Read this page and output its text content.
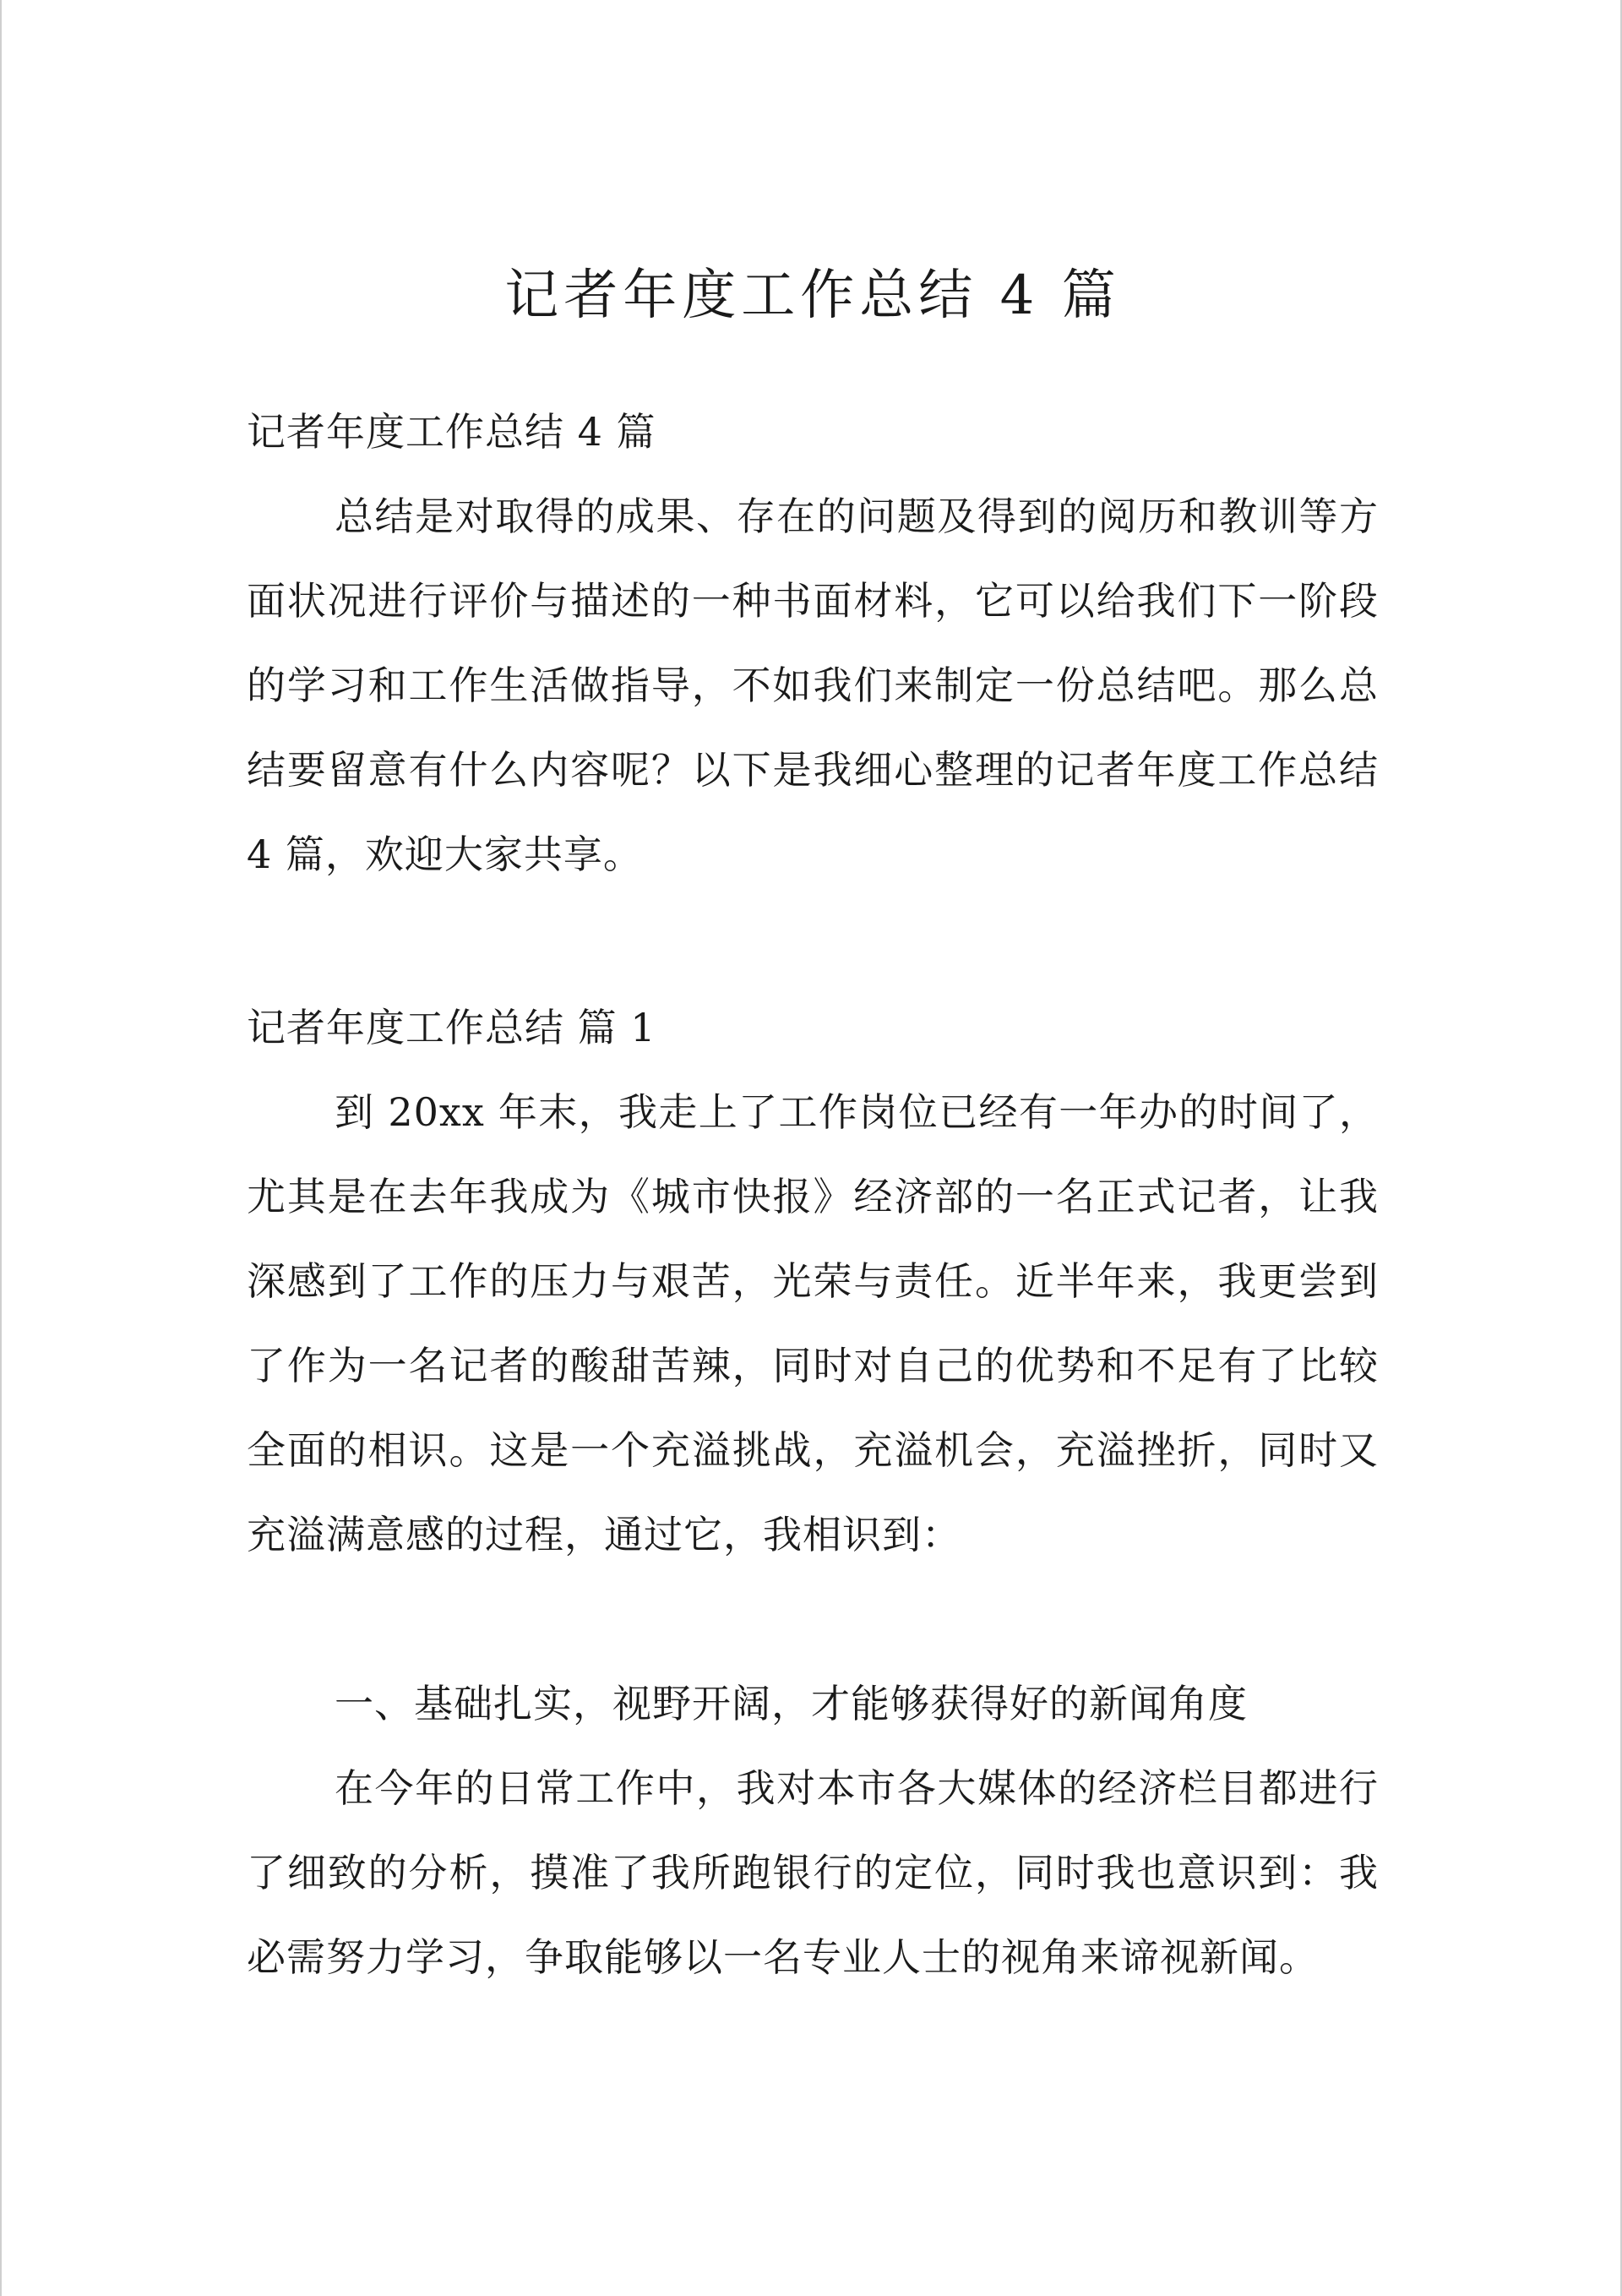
记者年度工作总结 4 篇

记者年度工作总结 4 篇

总结是对取得的成果、存在的问题及得到的阅历和教训等方面状况进行评价与描述的一种书面材料，它可以给我们下一阶段的学习和工作生活做指导，不如我们来制定一份总结吧。那么总结要留意有什么内容呢？以下是我细心整理的记者年度工作总结 4 篇，欢迎大家共享。

记者年度工作总结 篇 1

到 20xx 年末，我走上了工作岗位已经有一年办的时间了，尤其是在去年我成为《城市快报》经济部的一名正式记者，让我深感到了工作的压力与艰苦，光荣与责任。近半年来，我更尝到了作为一名记者的酸甜苦辣，同时对自己的优势和不足有了比较全面的相识。这是一个充溢挑战，充溢机会，充溢挫折，同时又充溢满意感的过程，通过它，我相识到：

一、基础扎实，视野开阔，才能够获得好的新闻角度

在今年的日常工作中，我对本市各大媒体的经济栏目都进行了细致的分析，摸准了我所跑银行的定位，同时我也意识到：我必需努力学习，争取能够以一名专业人士的视角来谛视新闻。
